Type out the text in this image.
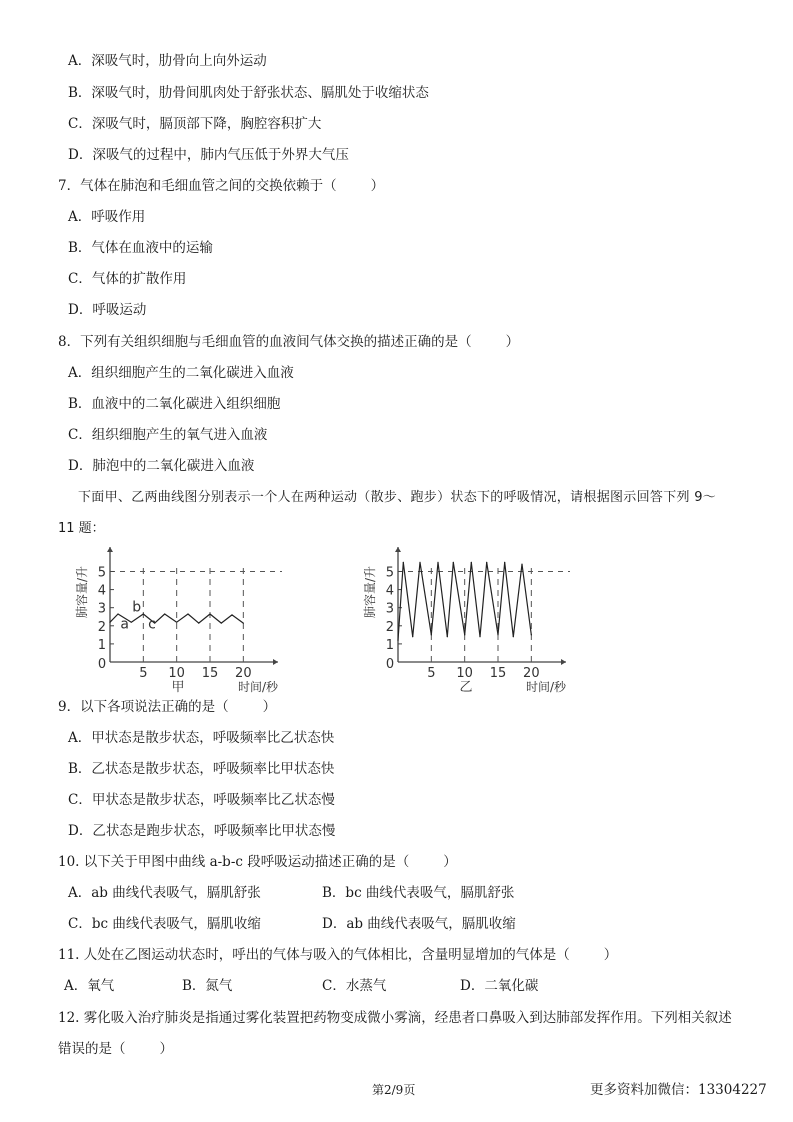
A．深吸气时，肋骨向上向外运动
B．深吸气时，肋骨间肌肉处于舒张状态、膈肌处于收缩状态
C．深吸气时，膈顶部下降，胸腔容积扩大
D．深吸气的过程中，肺内气压低于外界大气压
7．气体在肺泡和毛细血管之间的交换依赖于（	）
A．呼吸作用
B．气体在血液中的运输
C．气体的扩散作用
D．呼吸运动
8．下列有关组织细胞与毛细血管的血液间气体交换的描述正确的是（	）
A．组织细胞产生的二氧化碳进入血液
B．血液中的二氧化碳进入组织细胞
C．组织细胞产生的氧气进入血液
D．肺泡中的二氧化碳进入血液
下面甲、乙两曲线图分别表示一个人在两种运动（散步、跑步）状态下的呼吸情况，请根据图示回答下列 9～
11 题：
1
2
3
4
5
0
5 10 15 20
肺容量/升
甲	时间/秒
a
b
c
1
2
3
4
5
0
5 10 15 20
肺容量/升
乙	时间/秒
9．以下各项说法正确的是（	）
A．甲状态是散步状态，呼吸频率比乙状态快
B．乙状态是散步状态，呼吸频率比甲状态快
C．甲状态是散步状态，呼吸频率比乙状态慢
D．乙状态是跑步状态，呼吸频率比甲状态慢
10. 以下关于甲图中曲线 a-b-c 段呼吸运动描述正确的是（	）
A．ab 曲线代表吸气，膈肌舒张	B．bc 曲线代表吸气，膈肌舒张
C．bc 曲线代表吸气，膈肌收缩	D．ab 曲线代表吸气，膈肌收缩
11. 人处在乙图运动状态时，呼出的气体与吸入的气体相比，含量明显增加的气体是（	）
A．氧气	B．氮气	C．水蒸气	D．二氧化碳
12. 雾化吸入治疗肺炎是指通过雾化装置把药物变成微小雾滴，经患者口鼻吸入到达肺部发挥作用。下列相关叙述
错误的是（	）
第2/9页	更多资料加微信：13304227
